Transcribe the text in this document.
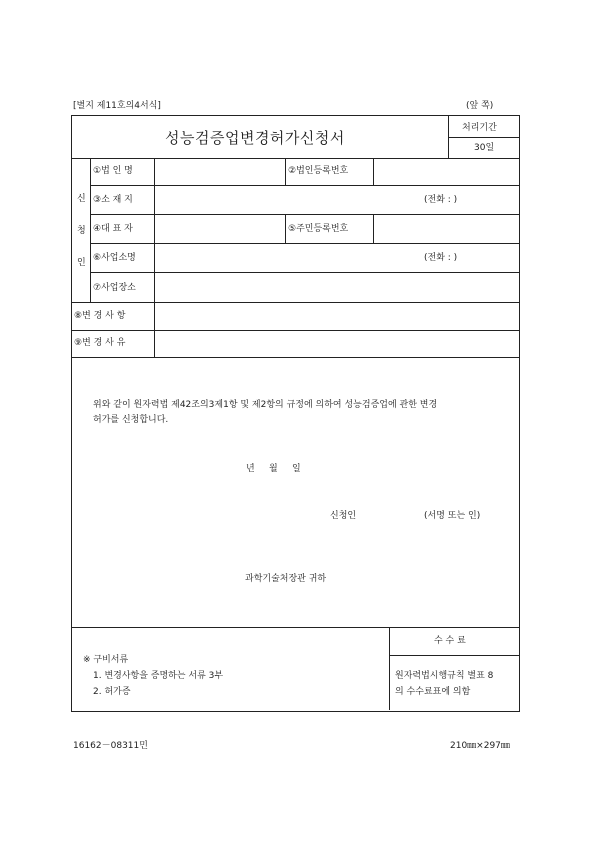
[별지 제11호의4서식]	(앞 쪽)
성능검증업변경허가신청서
처리기간
30일
신
청
인
①법 인 명	②법인등록번호
③소 재 지	(전화 : )
④대 표 자	⑤주민등록번호
⑥사업소명	(전화 : )
⑦사업장소
⑧변 경 사 항
⑨변 경 사 유
위와 같이 원자력법 제42조의3제1항 및 제2항의 규정에 의하여 성능검증업에 관한 변경
허가를 신청합니다.
년     월     일
신청인	(서명 또는 인)
과학기술처장관 귀하
※ 구비서류
1. 변경사항을 증명하는 서류 3부
2. 허가증
수 수 료
원자력법시행규칙 별표 8
의 수수료표에 의함
16162－08311민	210㎜×297㎜
